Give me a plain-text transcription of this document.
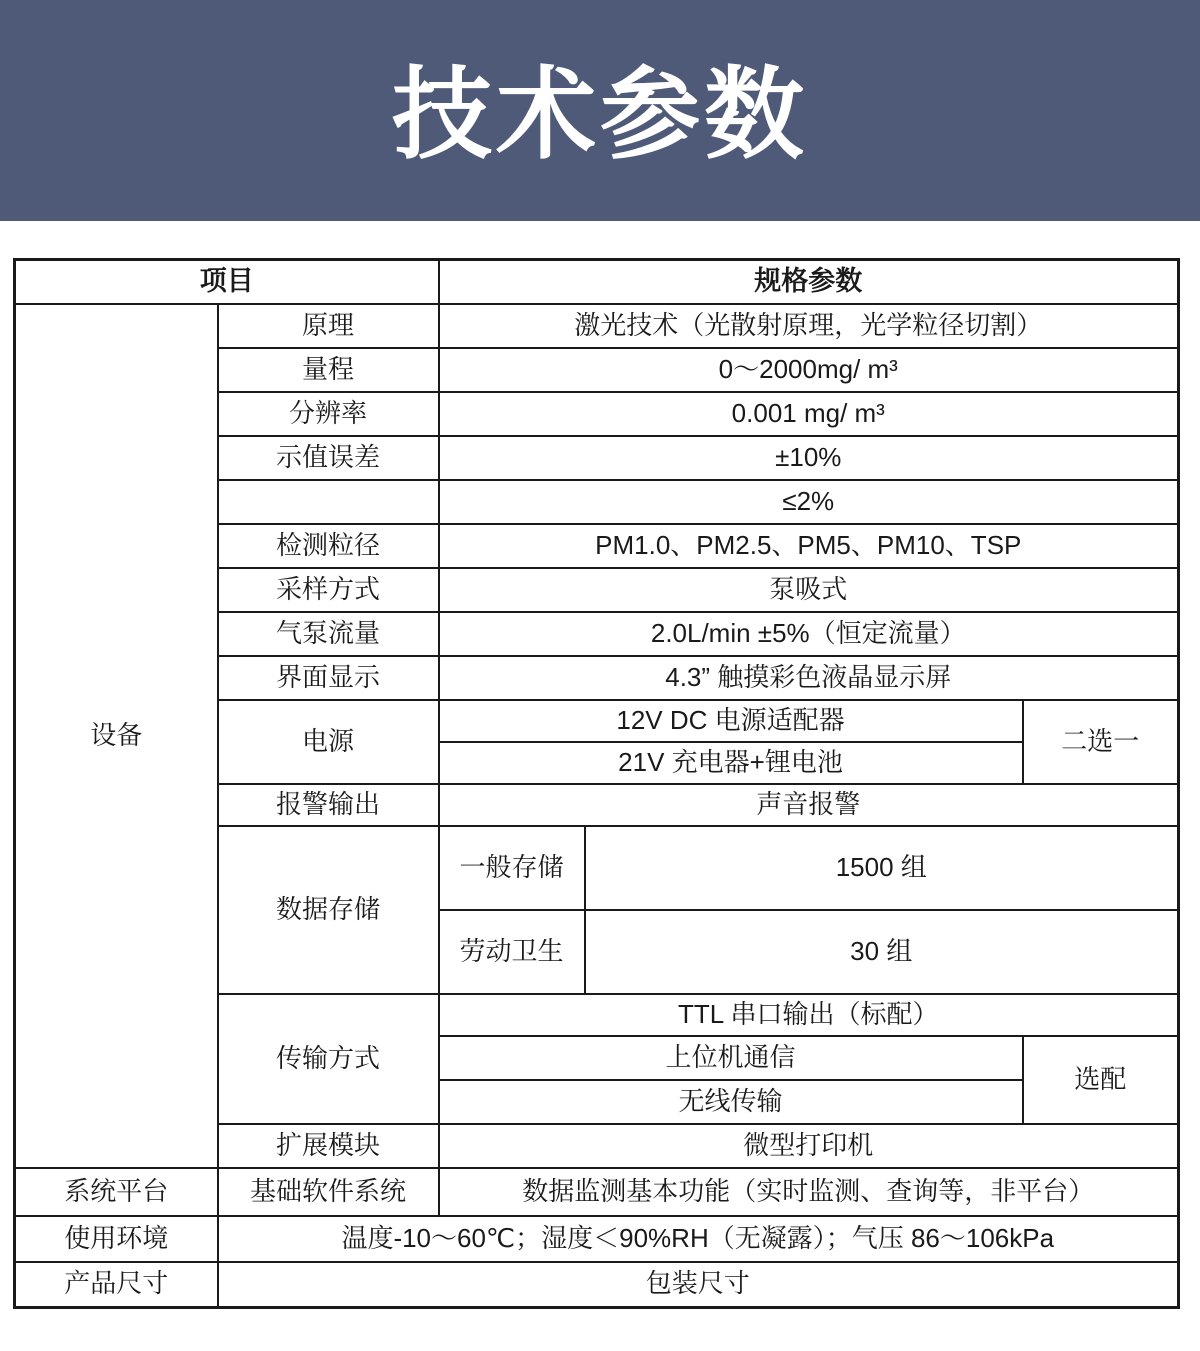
技术参数
项目		规格参数		
设备	原理	激光技术（光散射原理，光学粒径切割）		
	量程	0～2000mg/ m³		
	分辨率	0.001 mg/ m³		
	示值误差	±10%		
		≤2%		
	检测粒径	PM1.0、PM2.5、PM5、PM10、TSP		
	采样方式	泵吸式		
	气泵流量	2.0L/min ±5%（恒定流量）		
	界面显示	4.3” 触摸彩色液晶显示屏		
	电源	12V DC 电源适配器		二选一
		21V 充电器+锂电池		
	报警输出	声音报警		
	数据存储	一般存储	1500 组	
		劳动卫生	30 组	
	传输方式	TTL 串口输出（标配）		
		上位机通信		选配
		无线传输		
	扩展模块	微型打印机		
系统平台	基础软件系统	数据监测基本功能（实时监测、查询等，非平台）		
使用环境	温度-10～60℃；湿度＜90%RH（无凝露）；气压 86～106kPa			
产品尺寸	包装尺寸			
